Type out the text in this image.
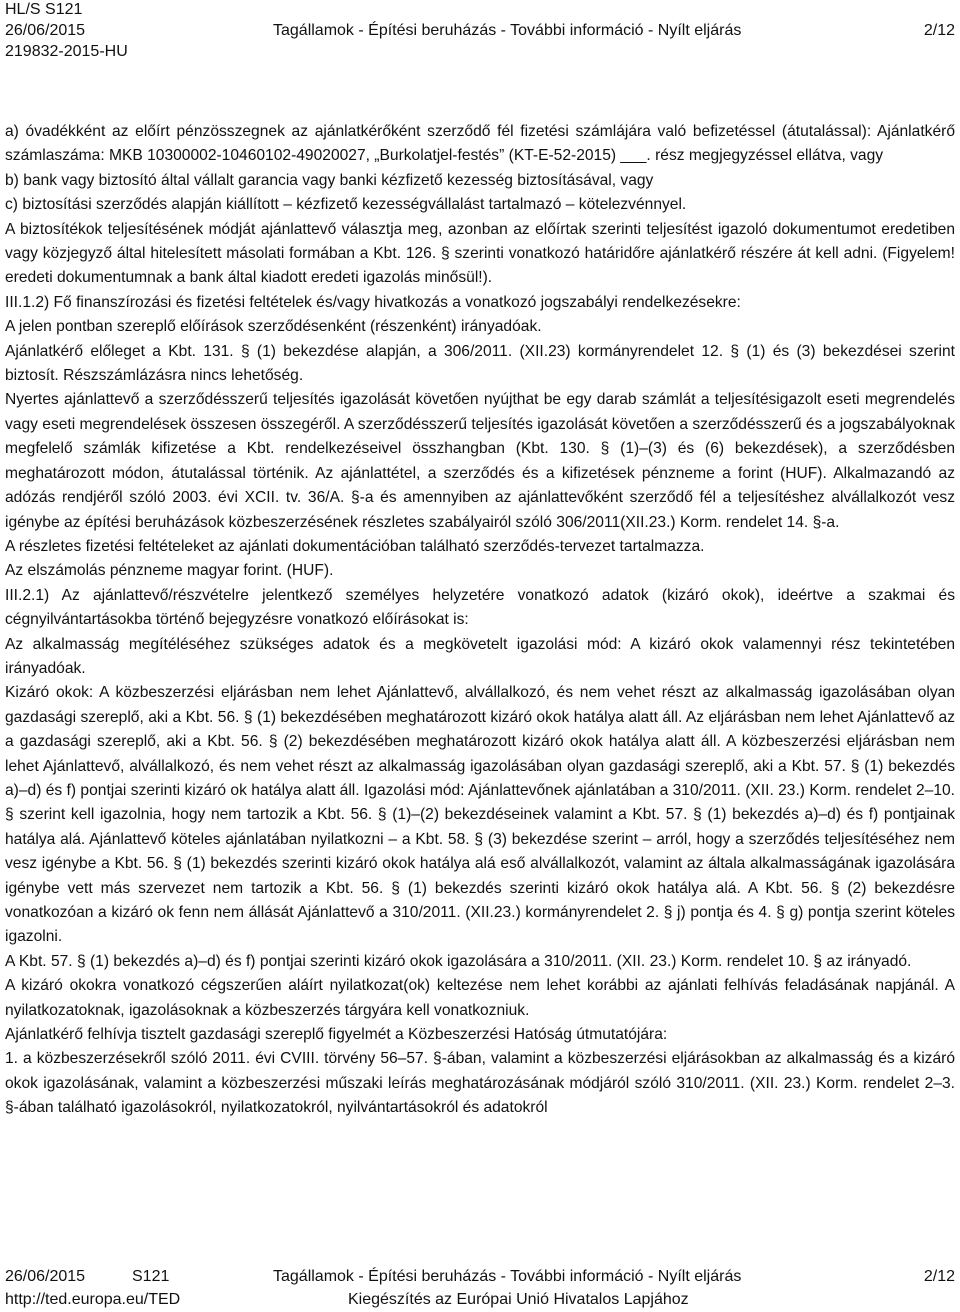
HL/S S121
26/06/2015	Tagállamok - Építési beruházás - További információ - Nyílt eljárás	2/12
219832-2015-HU

a) óvadékként az előírt pénzösszegnek az ajánlatkérőként szerződő fél fizetési számlájára való befizetéssel (átutalással): Ajánlatkérő számlaszáma: MKB 10300002-10460102-49020027, „Burkolatjel-festés” (KT-E-52-2015) ___. rész megjegyzéssel ellátva, vagy

b) bank vagy biztosító által vállalt garancia vagy banki kézfizető kezesség biztosításával, vagy

c) biztosítási szerződés alapján kiállított – kézfizető kezességvállalást tartalmazó – kötelezvénnyel.

A biztosítékok teljesítésének módját ajánlattevő választja meg, azonban az előírtak szerinti teljesítést igazoló dokumentumot eredetiben vagy közjegyző által hitelesített másolati formában a Kbt. 126. § szerinti vonatkozó határidőre ajánlatkérő részére át kell adni. (Figyelem! eredeti dokumentumnak a bank által kiadott eredeti igazolás minősül!).

III.1.2) Fő finanszírozási és fizetési feltételek és/vagy hivatkozás a vonatkozó jogszabályi rendelkezésekre:

A jelen pontban szereplő előírások szerződésenként (részenként) irányadóak.

Ajánlatkérő előleget a Kbt. 131. § (1) bekezdése alapján, a 306/2011. (XII.23) kormányrendelet 12. § (1) és (3) bekezdései szerint biztosít. Részszámlázásra nincs lehetőség.

Nyertes ajánlattevő a szerződésszerű teljesítés igazolását követően nyújthat be egy darab számlát a teljesítésigazolt eseti megrendelés vagy eseti megrendelések összesen összegéről. A szerződésszerű teljesítés igazolását követően a szerződésszerű és a jogszabályoknak megfelelő számlák kifizetése a Kbt. rendelkezéseivel összhangban (Kbt. 130. § (1)–(3) és (6) bekezdések), a szerződésben meghatározott módon, átutalással történik. Az ajánlattétel, a szerződés és a kifizetések pénzneme a forint (HUF). Alkalmazandó az adózás rendjéről szóló 2003. évi XCII. tv. 36/A. §-a és amennyiben az ajánlattevőként szerződő fél a teljesítéshez alvállalkozót vesz igénybe az építési beruházások közbeszerzésének részletes szabályairól szóló 306/2011(XII.23.) Korm. rendelet 14. §-a.

A részletes fizetési feltételeket az ajánlati dokumentációban található szerződés-tervezet tartalmazza.

Az elszámolás pénzneme magyar forint. (HUF).

III.2.1) Az ajánlattevő/részvételre jelentkező személyes helyzetére vonatkozó adatok (kizáró okok), ideértve a szakmai és cégnyilvántartásokba történő bejegyzésre vonatkozó előírásokat is:

Az alkalmasság megítéléséhez szükséges adatok és a megkövetelt igazolási mód: A kizáró okok valamennyi rész tekintetében irányadóak.

Kizáró okok: A közbeszerzési eljárásban nem lehet Ajánlattevő, alvállalkozó, és nem vehet részt az alkalmasság igazolásában olyan gazdasági szereplő, aki a Kbt. 56. § (1) bekezdésében meghatározott kizáró okok hatálya alatt áll. Az eljárásban nem lehet Ajánlattevő az a gazdasági szereplő, aki a Kbt. 56. § (2) bekezdésében meghatározott kizáró okok hatálya alatt áll. A közbeszerzési eljárásban nem lehet Ajánlattevő, alvállalkozó, és nem vehet részt az alkalmasság igazolásában olyan gazdasági szereplő, aki a Kbt. 57. § (1) bekezdés a)–d) és f) pontjai szerinti kizáró ok hatálya alatt áll. Igazolási mód: Ajánlattevőnek ajánlatában a 310/2011. (XII. 23.) Korm. rendelet 2–10. § szerint kell igazolnia, hogy nem tartozik a Kbt. 56. § (1)–(2) bekezdéseinek valamint a Kbt. 57. § (1) bekezdés a)–d) és f) pontjainak hatálya alá. Ajánlattevő köteles ajánlatában nyilatkozni – a Kbt. 58. § (3) bekezdése szerint – arról, hogy a szerződés teljesítéséhez nem vesz igénybe a Kbt. 56. § (1) bekezdés szerinti kizáró okok hatálya alá eső alvállalkozót, valamint az általa alkalmasságának igazolására igénybe vett más szervezet nem tartozik a Kbt. 56. § (1) bekezdés szerinti kizáró okok hatálya alá. A Kbt. 56. § (2) bekezdésre vonatkozóan a kizáró ok fenn nem állását Ajánlattevő a 310/2011. (XII.23.) kormányrendelet 2. § j) pontja és 4. § g) pontja szerint köteles igazolni.

A Kbt. 57. § (1) bekezdés a)–d) és f) pontjai szerinti kizáró okok igazolására a 310/2011. (XII. 23.) Korm. rendelet 10. § az irányadó.

A kizáró okokra vonatkozó cégszerűen aláírt nyilatkozat(ok) keltezése nem lehet korábbi az ajánlati felhívás feladásának napjánál. A nyilatkozatoknak, igazolásoknak a közbeszerzés tárgyára kell vonatkozniuk.

Ajánlatkérő felhívja tisztelt gazdasági szereplő figyelmét a Közbeszerzési Hatóság útmutatójára:

1. a közbeszerzésekről szóló 2011. évi CVIII. törvény 56–57. §-ában, valamint a közbeszerzési eljárásokban az alkalmasság és a kizáró okok igazolásának, valamint a közbeszerzési műszaki leírás meghatározásának módjáról szóló 310/2011. (XII. 23.) Korm. rendelet 2–3. §-ában található igazolásokról, nyilatkozatokról, nyilvántartásokról és adatokról

26/06/2015	S121	Tagállamok - Építési beruházás - További információ - Nyílt eljárás	2/12
http://ted.europa.eu/TED	Kiegészítés az Európai Unió Hivatalos Lapjához
